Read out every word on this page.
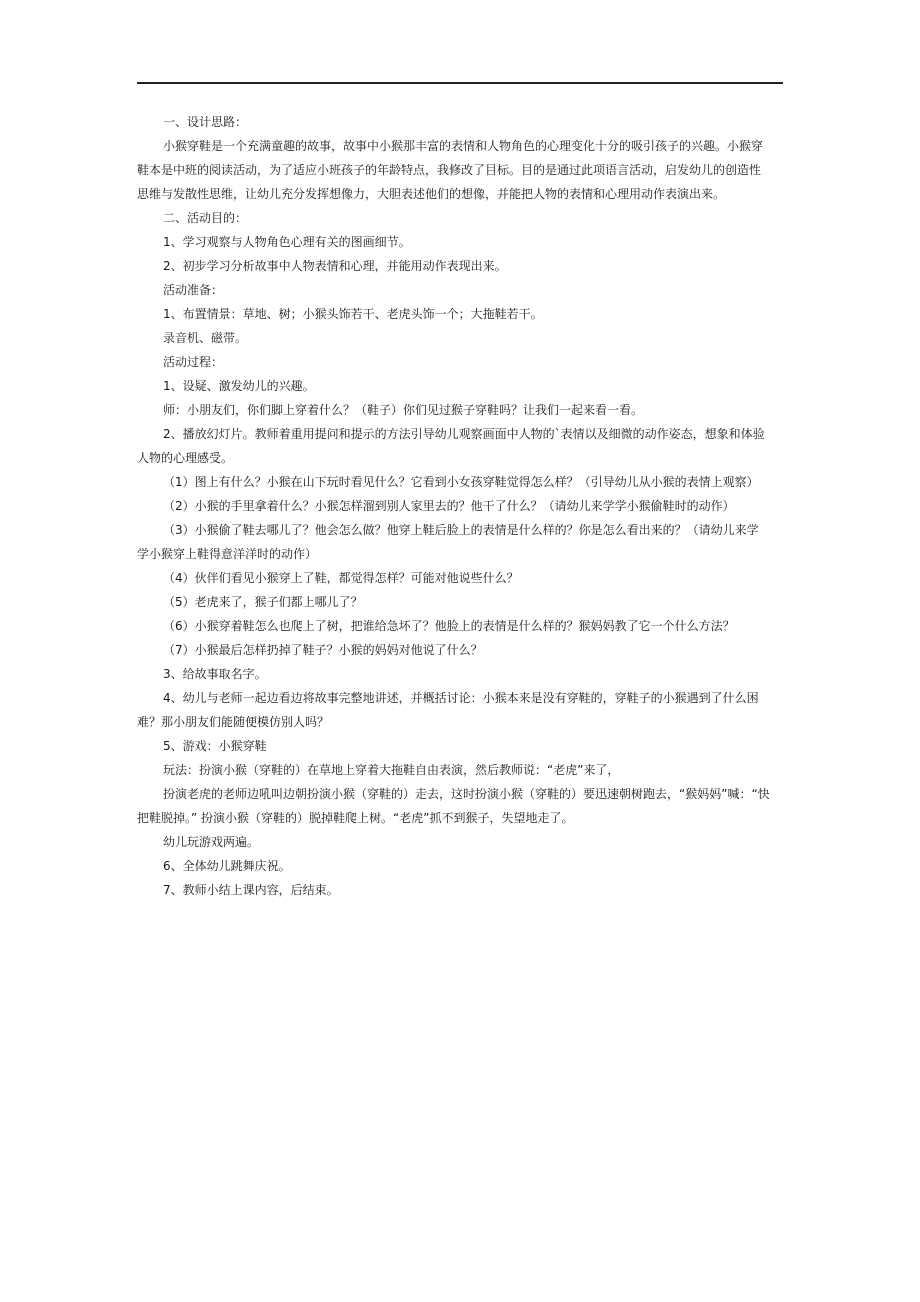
一、设计思路：
小猴穿鞋是一个充满童趣的故事，故事中小猴那丰富的表情和人物角色的心理变化十分的吸引孩子的兴趣。小猴穿
鞋本是中班的阅读活动，为了适应小班孩子的年龄特点，我修改了目标。目的是通过此项语言活动，启发幼儿的创造性
思维与发散性思维，让幼儿充分发挥想像力，大胆表述他们的想像，并能把人物的表情和心理用动作表演出来。
二、活动目的：
1、学习观察与人物角色心理有关的图画细节。
2、初步学习分析故事中人物表情和心理，并能用动作表现出来。
活动准备：
1、布置情景：草地、树；小猴头饰若干、老虎头饰一个；大拖鞋若干。
录音机、磁带。
活动过程：
1、设疑、激发幼儿的兴趣。
师：小朋友们，你们脚上穿着什么？（鞋子）你们见过猴子穿鞋吗？让我们一起来看一看。
2、播放幻灯片。教师着重用提问和提示的方法引导幼儿观察画面中人物的`表情以及细微的动作姿态，想象和体验
人物的心理感受。
（1）图上有什么？小猴在山下玩时看见什么？它看到小女孩穿鞋觉得怎么样？（引导幼儿从小猴的表情上观察）
（2）小猴的手里拿着什么？小猴怎样溜到别人家里去的？他干了什么？（请幼儿来学学小猴偷鞋时的动作）
（3）小猴偷了鞋去哪儿了？他会怎么做？他穿上鞋后脸上的表情是什么样的？你是怎么看出来的？（请幼儿来学
学小猴穿上鞋得意洋洋时的动作）
（4）伙伴们看见小猴穿上了鞋，都觉得怎样？可能对他说些什么？
（5）老虎来了，猴子们都上哪儿了？
（6）小猴穿着鞋怎么也爬上了树，把谁给急坏了？他脸上的表情是什么样的？猴妈妈教了它一个什么方法？
（7）小猴最后怎样扔掉了鞋子？小猴的妈妈对他说了什么？
3、给故事取名字。
4、幼儿与老师一起边看边将故事完整地讲述，并概括讨论：小猴本来是没有穿鞋的，穿鞋子的小猴遇到了什么困
难？那小朋友们能随便模仿别人吗？
5、游戏：小猴穿鞋
玩法：扮演小猴（穿鞋的）在草地上穿着大拖鞋自由表演，然后教师说：“老虎”来了，
扮演老虎的老师边吼叫边朝扮演小猴（穿鞋的）走去，这时扮演小猴（穿鞋的）要迅速朝树跑去，“猴妈妈”喊：“快
把鞋脱掉。” 扮演小猴（穿鞋的）脱掉鞋爬上树。“老虎”抓不到猴子，失望地走了。
幼儿玩游戏两遍。
6、全体幼儿跳舞庆祝。
7、教师小结上课内容，后结束。
